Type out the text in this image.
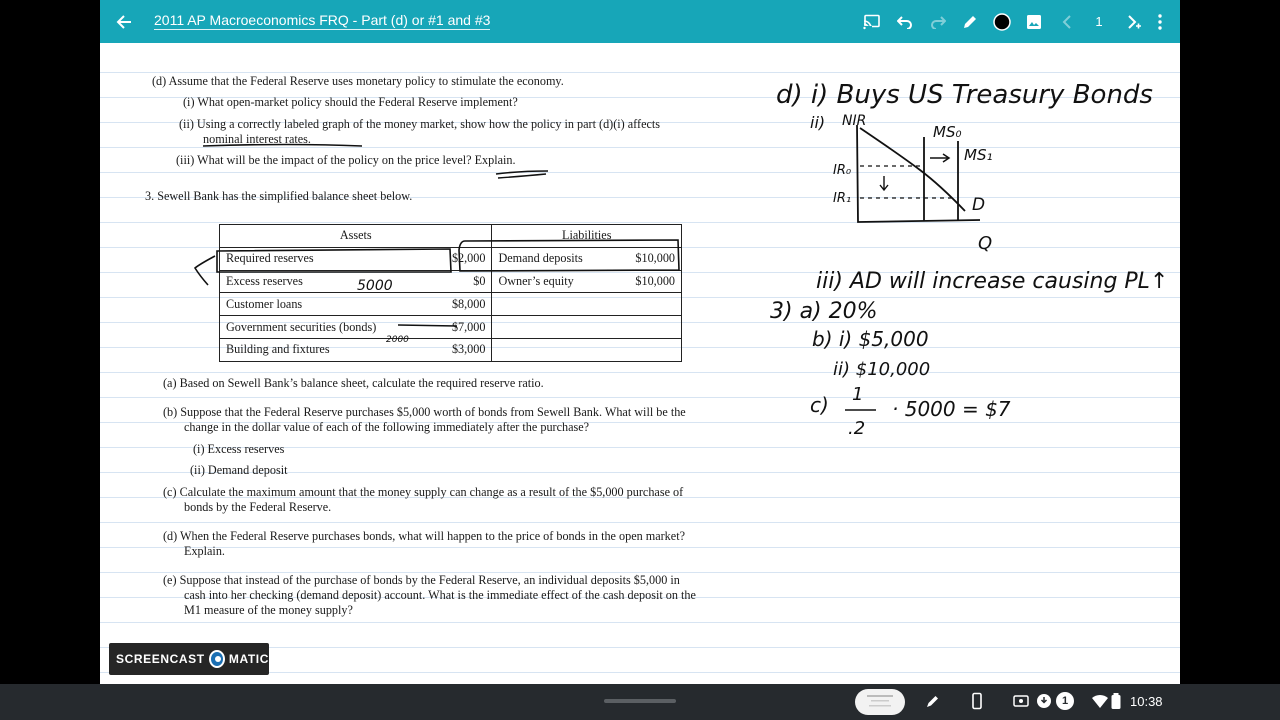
2011 AP Macroeconomics FRQ - Part (d) or #1 and #3	1
(d) Assume that the Federal Reserve uses monetary policy to stimulate the economy.
(i) What open-market policy should the Federal Reserve implement?
(ii) Using a correctly labeled graph of the money market, show how the policy in part (d)(i) affects
nominal interest rates.
(iii) What will be the impact of the policy on the price level? Explain.
3. Sewell Bank has the simplified balance sheet below.
Assets	Liabilities

Required reserves $2,000	Demand deposits $10,000

Excess reserves $0	Owner’s equity $10,000

Customer loans $8,000	

Government securities (bonds) $7,000	

Building and fixtures $3,000	

(a) Based on Sewell Bank’s balance sheet, calculate the required reserve ratio.
(b) Suppose that the Federal Reserve purchases $5,000 worth of bonds from Sewell Bank. What will be the
change in the dollar value of each of the following immediately after the purchase?
(i) Excess reserves
(ii) Demand deposit
(c) Calculate the maximum amount that the money supply can change as a result of the $5,000 purchase of
bonds by the Federal Reserve.
(d) When the Federal Reserve purchases bonds, what will happen to the price of bonds in the open market?
Explain.
(e) Suppose that instead of the purchase of bonds by the Federal Reserve, an individual deposits $5,000 in
cash into her checking (demand deposit) account. What is the immediate effect of the cash deposit on the
M1 measure of the money supply?
5000
2000
d) i) Buys US Treasury Bonds
ii) NIR
MS₀
MS₁
IR₀
IR₁	D
Q
iii) AD will increase causing PL↑
3) a) 20%
b) i) $5,000
ii) $10,000
c) 1
.2
· 5000 = $7
SCREENCAST MATIC
1	10:38
